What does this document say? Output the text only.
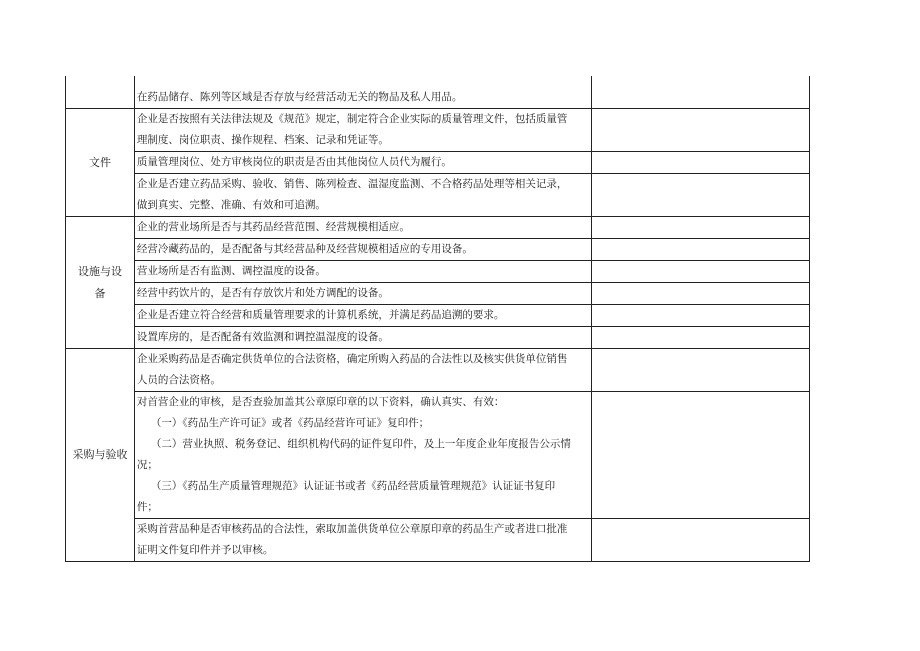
在药品储存、陈列等区域是否存放与经营活动无关的物品及私人用品。
文件
企业是否按照有关法律法规及《规范》规定，制定符合企业实际的质量管理文件，包括质量管
理制度、岗位职责、操作规程、档案、记录和凭证等。
质量管理岗位、处方审核岗位的职责是否由其他岗位人员代为履行。
企业是否建立药品采购、验收、销售、陈列检查、温湿度监测、不合格药品处理等相关记录，
做到真实、完整、准确、有效和可追溯。
设施与设
备
企业的营业场所是否与其药品经营范围、经营规模相适应。
经营冷藏药品的，是否配备与其经营品种及经营规模相适应的专用设备。
营业场所是否有监测、调控温度的设备。
经营中药饮片的，是否有存放饮片和处方调配的设备。
企业是否建立符合经营和质量管理要求的计算机系统，并满足药品追溯的要求。
设置库房的，是否配备有效监测和调控温湿度的设备。
采购与验收
企业采购药品是否确定供货单位的合法资格，确定所购入药品的合法性以及核实供货单位销售
人员的合法资格。
对首营企业的审核，是否查验加盖其公章原印章的以下资料，确认真实、有效：
（一）《药品生产许可证》或者《药品经营许可证》复印件；
（二）营业执照、税务登记、组织机构代码的证件复印件，及上一年度企业年度报告公示情
况；
（三）《药品生产质量管理规范》认证证书或者《药品经营质量管理规范》认证证书复印
件；
采购首营品种是否审核药品的合法性，索取加盖供货单位公章原印章的药品生产或者进口批准
证明文件复印件并予以审核。
